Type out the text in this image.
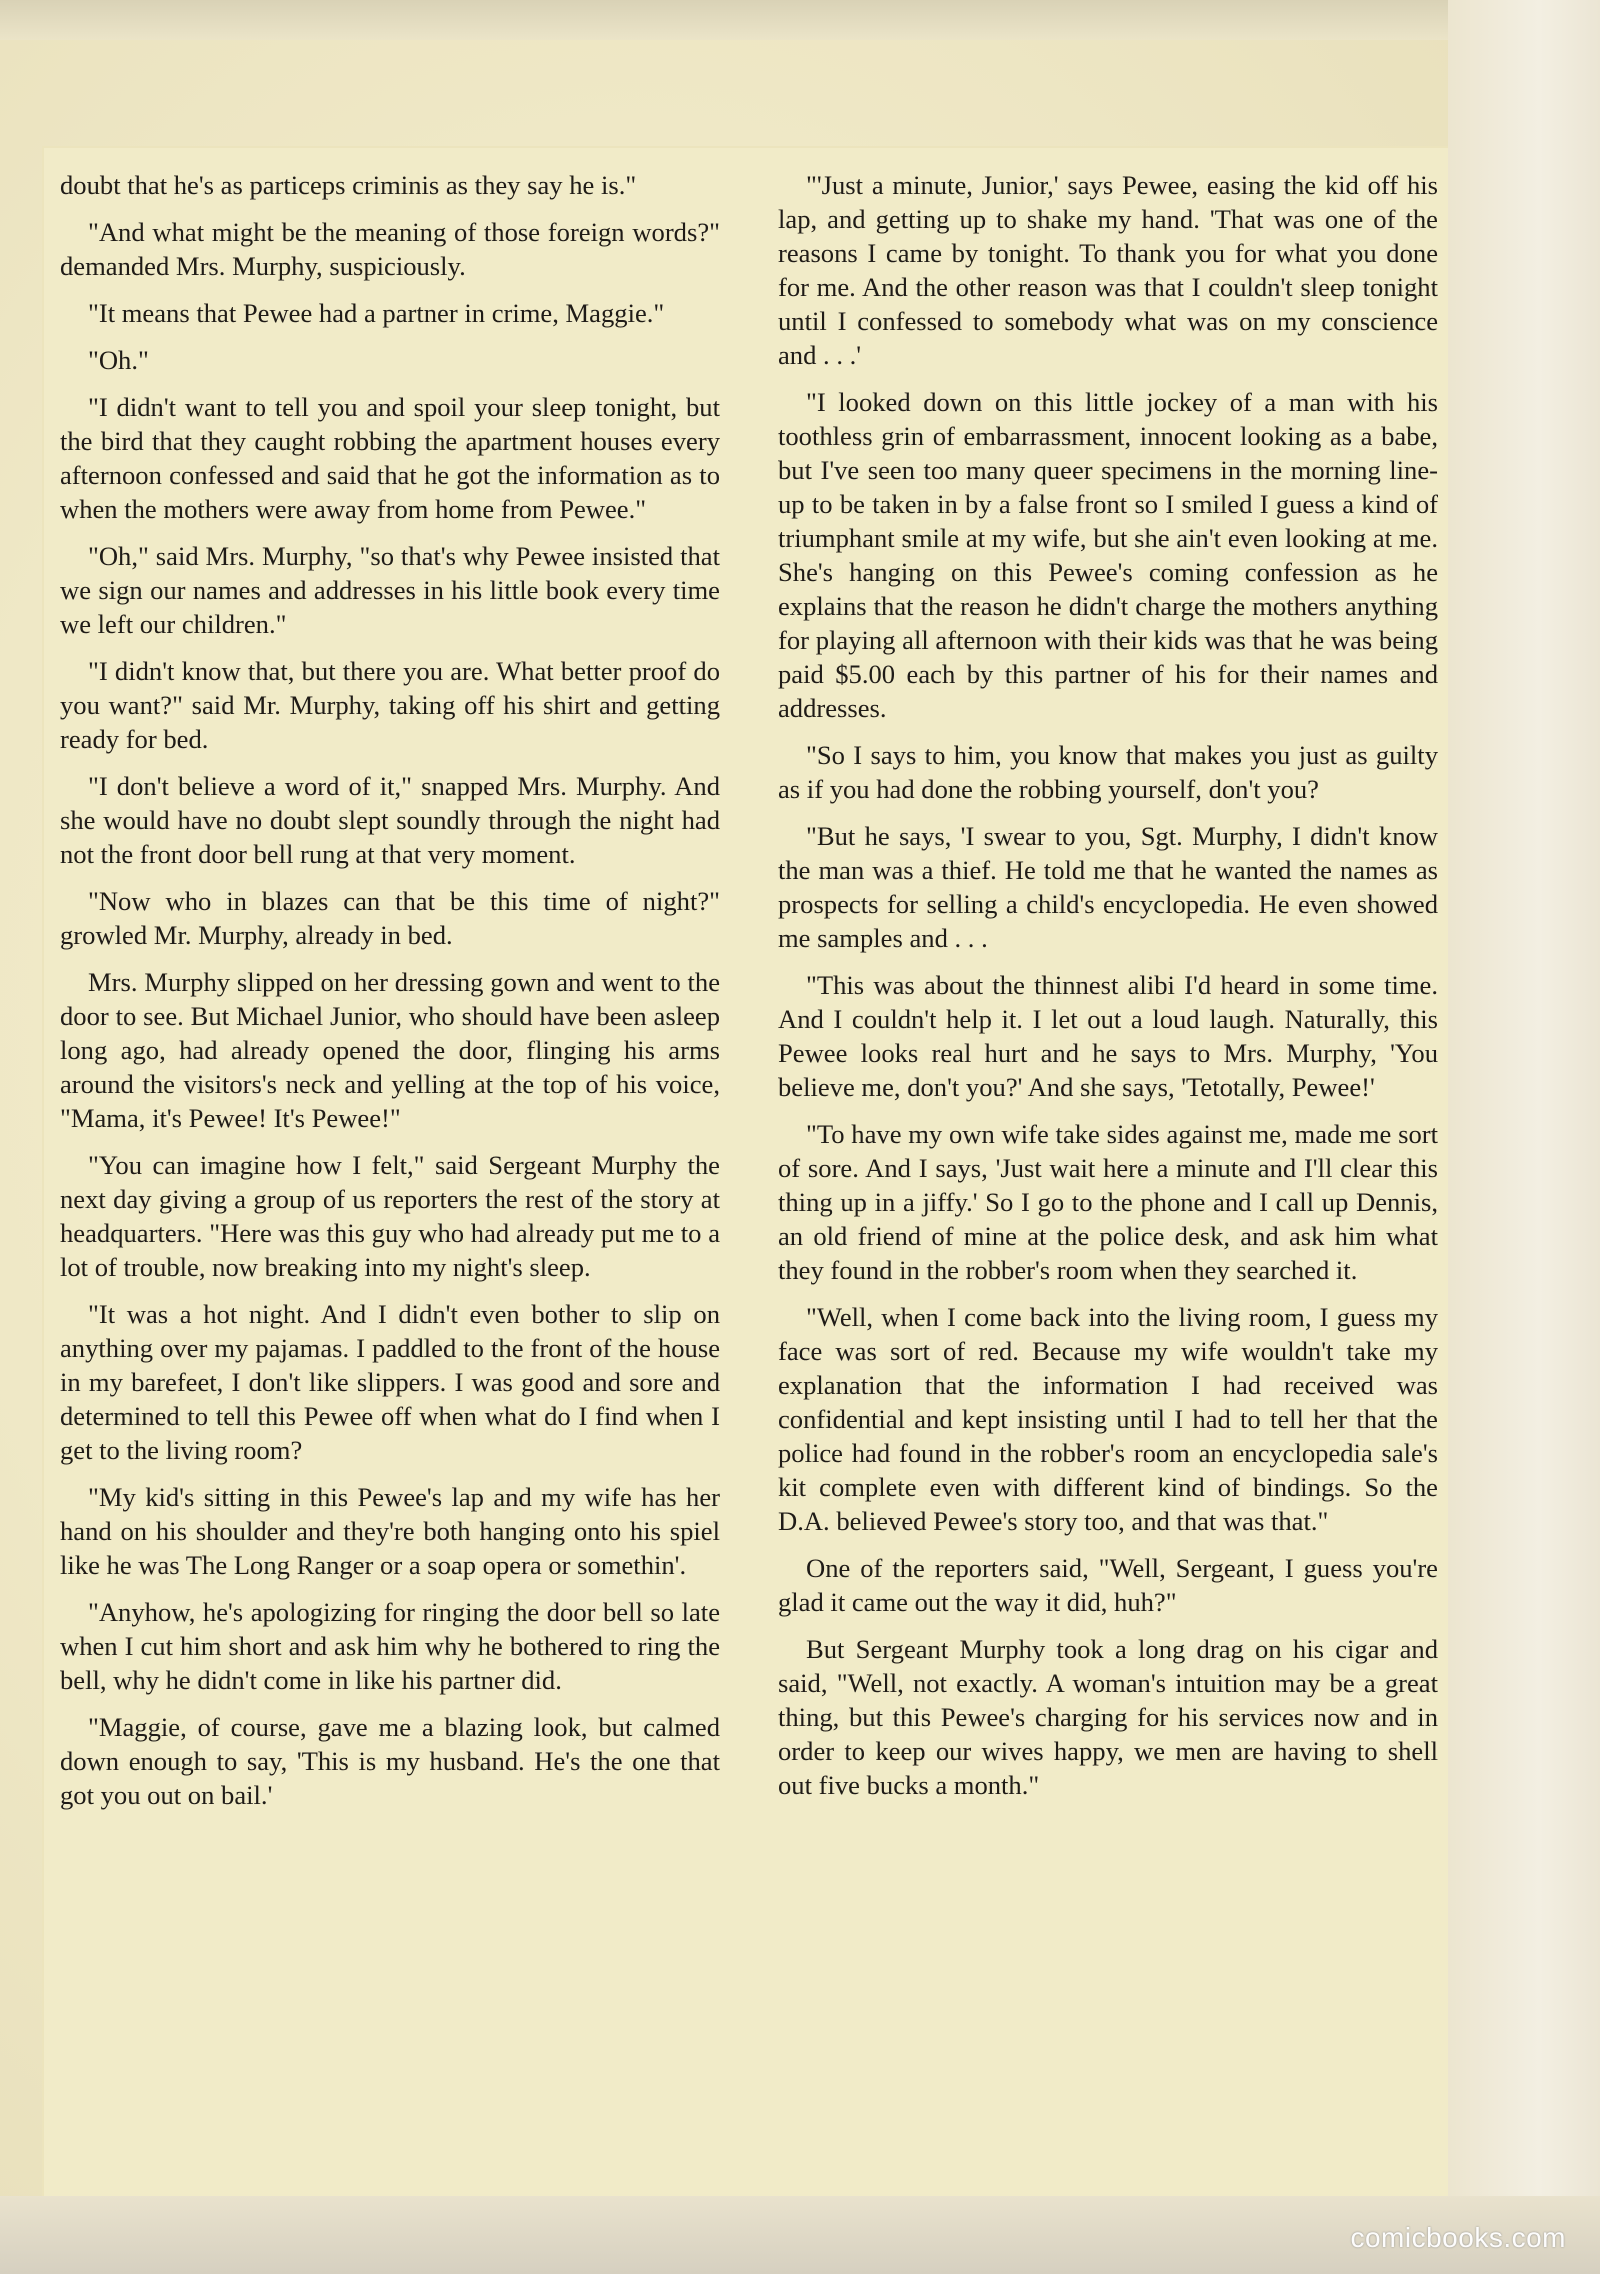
doubt that he's as particeps criminis as they say he is."

"And what might be the meaning of those foreign words?" demanded Mrs. Murphy, suspiciously.

"It means that Pewee had a partner in crime, Maggie."

"Oh."

"I didn't want to tell you and spoil your sleep tonight, but the bird that they caught robbing the apartment houses every afternoon confessed and said that he got the information as to when the mothers were away from home from Pewee."

"Oh," said Mrs. Murphy, "so that's why Pewee insisted that we sign our names and addresses in his little book every time we left our children."

"I didn't know that, but there you are. What better proof do you want?" said Mr. Murphy, taking off his shirt and getting ready for bed.

"I don't believe a word of it," snapped Mrs. Murphy. And she would have no doubt slept soundly through the night had not the front door bell rung at that very moment.

"Now who in blazes can that be this time of night?" growled Mr. Murphy, already in bed.

Mrs. Murphy slipped on her dressing gown and went to the door to see. But Michael Junior, who should have been asleep long ago, had already opened the door, flinging his arms around the visitors's neck and yelling at the top of his voice, "Mama, it's Pewee! It's Pewee!"

"You can imagine how I felt," said Sergeant Murphy the next day giving a group of us reporters the rest of the story at headquarters. "Here was this guy who had already put me to a lot of trouble, now breaking into my night's sleep.

"It was a hot night. And I didn't even bother to slip on anything over my pajamas. I paddled to the front of the house in my barefeet, I don't like slippers. I was good and sore and determined to tell this Pewee off when what do I find when I get to the living room?

"My kid's sitting in this Pewee's lap and my wife has her hand on his shoulder and they're both hanging onto his spiel like he was The Long Ranger or a soap opera or somethin'.

"Anyhow, he's apologizing for ringing the door bell so late when I cut him short and ask him why he bothered to ring the bell, why he didn't come in like his partner did.

"Maggie, of course, gave me a blazing look, but calmed down enough to say, 'This is my husband. He's the one that got you out on bail.'

"'Just a minute, Junior,' says Pewee, easing the kid off his lap, and getting up to shake my hand. 'That was one of the reasons I came by tonight. To thank you for what you done for me. And the other reason was that I couldn't sleep tonight until I confessed to somebody what was on my conscience and . . .'

"I looked down on this little jockey of a man with his toothless grin of embarrassment, innocent looking as a babe, but I've seen too many queer specimens in the morning line-up to be taken in by a false front so I smiled I guess a kind of triumphant smile at my wife, but she ain't even looking at me. She's hanging on this Pewee's coming confession as he explains that the reason he didn't charge the mothers anything for playing all afternoon with their kids was that he was being paid $5.00 each by this partner of his for their names and addresses.

"So I says to him, you know that makes you just as guilty as if you had done the robbing yourself, don't you?

"But he says, 'I swear to you, Sgt. Murphy, I didn't know the man was a thief. He told me that he wanted the names as prospects for selling a child's encyclopedia. He even showed me samples and . . .

"This was about the thinnest alibi I'd heard in some time. And I couldn't help it. I let out a loud laugh. Naturally, this Pewee looks real hurt and he says to Mrs. Murphy, 'You believe me, don't you?' And she says, 'Tetotally, Pewee!'

"To have my own wife take sides against me, made me sort of sore. And I says, 'Just wait here a minute and I'll clear this thing up in a jiffy.' So I go to the phone and I call up Dennis, an old friend of mine at the police desk, and ask him what they found in the robber's room when they searched it.

"Well, when I come back into the living room, I guess my face was sort of red. Because my wife wouldn't take my explanation that the information I had received was confidential and kept insisting until I had to tell her that the police had found in the robber's room an encyclopedia sale's kit complete even with different kind of bindings. So the D.A. believed Pewee's story too, and that was that."

One of the reporters said, "Well, Sergeant, I guess you're glad it came out the way it did, huh?"

But Sergeant Murphy took a long drag on his cigar and said, "Well, not exactly. A woman's intuition may be a great thing, but this Pewee's charging for his services now and in order to keep our wives happy, we men are having to shell out five bucks a month."

comicbooks.com
